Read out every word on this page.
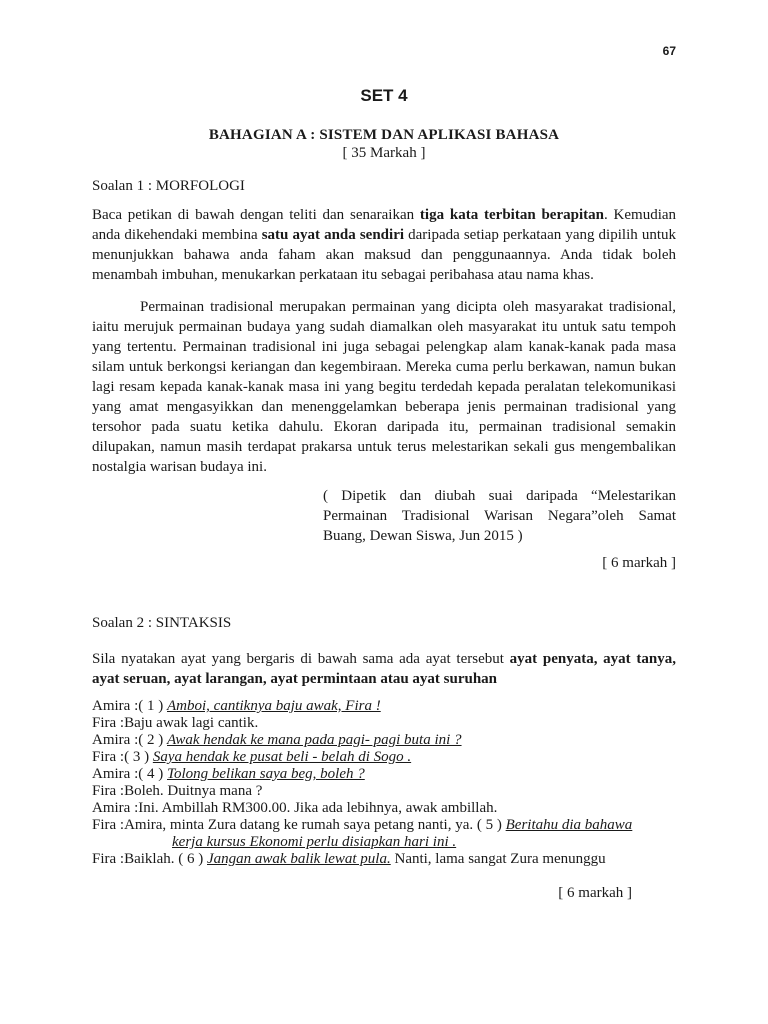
67
SET 4
BAHAGIAN A : SISTEM DAN APLIKASI BAHASA
[ 35 Markah ]
Soalan 1 : MORFOLOGI

Baca petikan di bawah dengan teliti dan senaraikan tiga kata terbitan berapitan. Kemudian anda dikehendaki membina satu ayat anda sendiri daripada setiap perkataan yang dipilih untuk menunjukkan bahawa anda faham akan maksud dan penggunaannya. Anda tidak boleh menambah imbuhan, menukarkan perkataan itu sebagai peribahasa atau nama khas.

Permainan tradisional merupakan permainan yang dicipta oleh masyarakat tradisional, iaitu merujuk permainan budaya yang sudah diamalkan oleh masyarakat itu untuk satu tempoh yang tertentu. Permainan tradisional ini juga sebagai pelengkap alam kanak-kanak pada masa silam untuk berkongsi keriangan dan kegembiraan. Mereka cuma perlu berkawan, namun bukan lagi resam kepada kanak-kanak masa ini yang begitu terdedah kepada peralatan telekomunikasi yang amat mengasyikkan dan menenggelamkan beberapa jenis permainan tradisional yang tersohor pada suatu ketika dahulu. Ekoran daripada itu, permainan tradisional semakin dilupakan, namun masih terdapat prakarsa untuk terus melestarikan sekali gus mengembalikan nostalgia warisan budaya ini.

( Dipetik dan diubah suai daripada “Melestarikan Permainan Tradisional Warisan Negara”oleh Samat Buang, Dewan Siswa, Jun 2015 )

[ 6 markah ]
Soalan 2 : SINTAKSIS

Sila nyatakan ayat yang bergaris di bawah sama ada ayat tersebut ayat penyata, ayat tanya, ayat seruan, ayat larangan, ayat permintaan atau ayat suruhan

Amira :( 1 ) Amboi, cantiknya baju awak, Fira !
Fira :Baju awak lagi cantik.
Amira :( 2 ) Awak hendak ke mana pada pagi- pagi buta ini ?
Fira :( 3 ) Saya hendak ke pusat beli - belah di Sogo .
Amira :( 4 ) Tolong belikan saya beg, boleh ?
Fira :Boleh. Duitnya mana ?
Amira :Ini. Ambillah RM300.00. Jika ada lebihnya, awak ambillah.
Fira :Amira, minta Zura datang ke rumah saya petang nanti, ya. ( 5 ) Beritahu dia bahawa
kerja kursus Ekonomi perlu disiapkan hari ini .
Fira :Baiklah. ( 6 ) Jangan awak balik lewat pula. Nanti, lama sangat Zura menunggu
[ 6 markah ]
